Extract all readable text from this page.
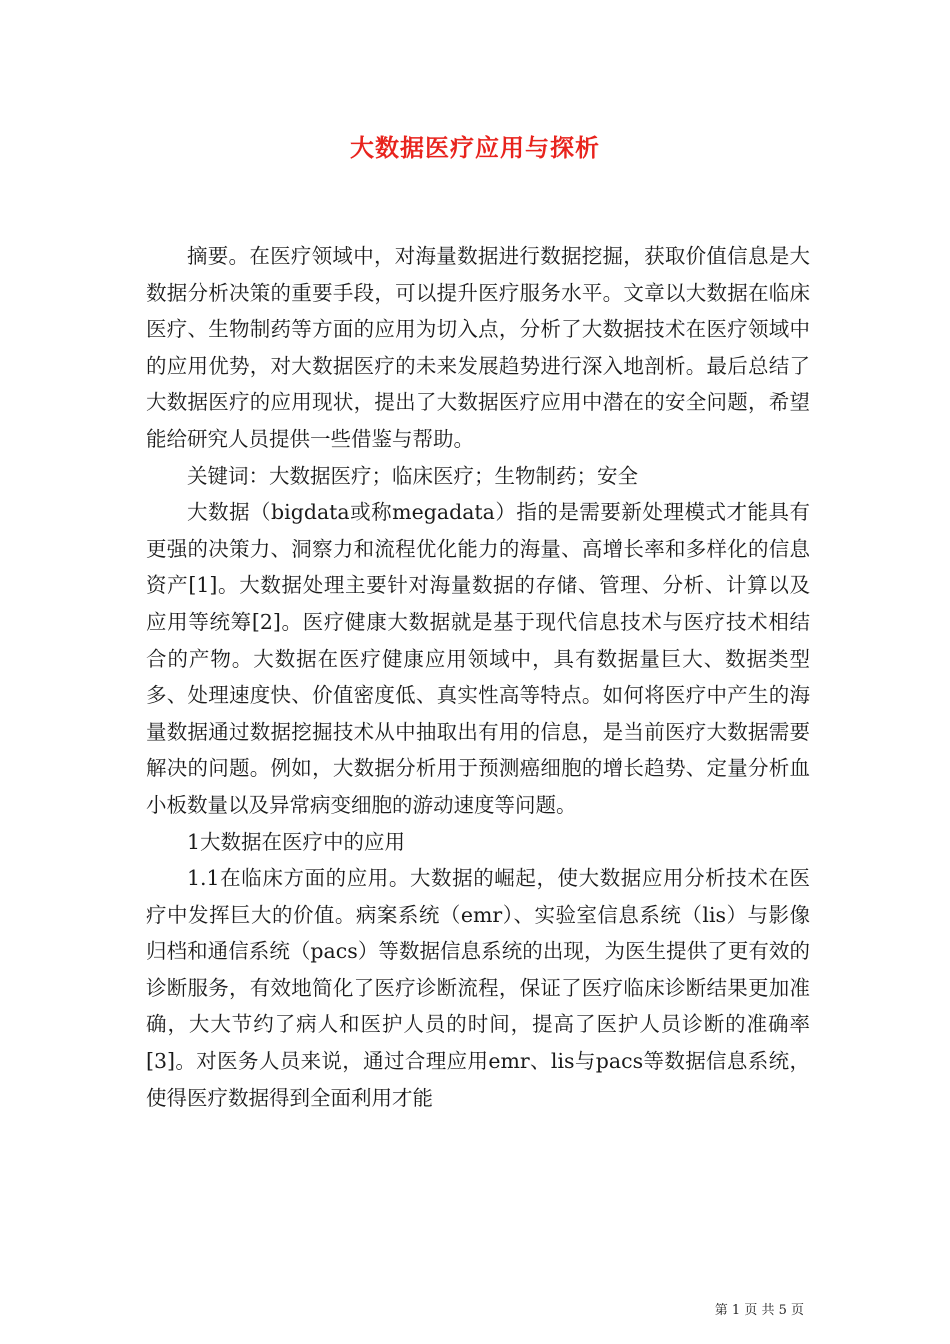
大数据医疗应用与探析

摘要。在医疗领域中，对海量数据进行数据挖掘，获取价值信息是大数据分析决策的重要手段，可以提升医疗服务水平。文章以大数据在临床医疗、生物制药等方面的应用为切入点，分析了大数据技术在医疗领域中的应用优势，对大数据医疗的未来发展趋势进行深入地剖析。最后总结了大数据医疗的应用现状，提出了大数据医疗应用中潜在的安全问题，希望能给研究人员提供一些借鉴与帮助。

关键词：大数据医疗；临床医疗；生物制药；安全

大数据（bigdata或称megadata）指的是需要新处理模式才能具有更强的决策力、洞察力和流程优化能力的海量、高增长率和多样化的信息资产[1]。大数据处理主要针对海量数据的存储、管理、分析、计算以及应用等统筹[2]。医疗健康大数据就是基于现代信息技术与医疗技术相结合的产物。大数据在医疗健康应用领域中，具有数据量巨大、数据类型多、处理速度快、价值密度低、真实性高等特点。如何将医疗中产生的海量数据通过数据挖掘技术从中抽取出有用的信息，是当前医疗大数据需要解决的问题。例如，大数据分析用于预测癌细胞的增长趋势、定量分析血小板数量以及异常病变细胞的游动速度等问题。

1大数据在医疗中的应用

1.1在临床方面的应用。大数据的崛起，使大数据应用分析技术在医疗中发挥巨大的价值。病案系统（emr）、实验室信息系统（lis）与影像归档和通信系统（pacs）等数据信息系统的出现，为医生提供了更有效的诊断服务，有效地简化了医疗诊断流程，保证了医疗临床诊断结果更加准确，大大节约了病人和医护人员的时间，提高了医护人员诊断的准确率[3]。对医务人员来说，通过合理应用emr、lis与pacs等数据信息系统，使得医疗数据得到全面利用才能

第 1 页 共 5 页
